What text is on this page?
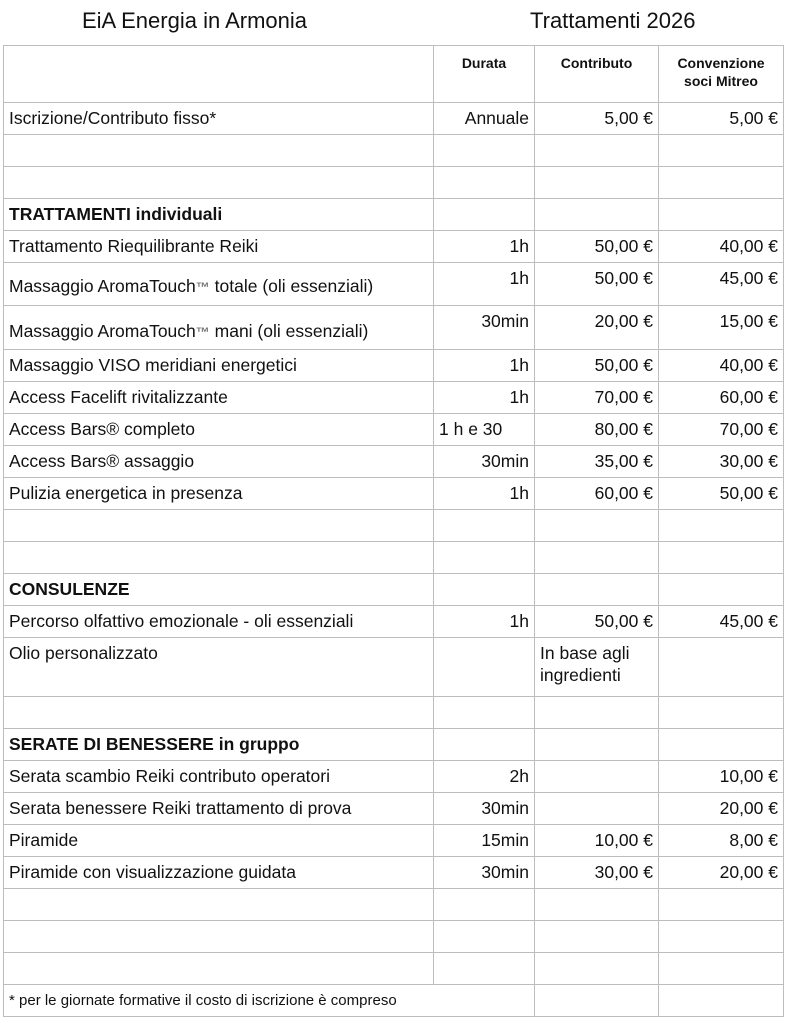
EiA Energia in Armonia	Trattamenti 2026
	Durata	Contributo	Convenzione soci Mitreo
Iscrizione/Contributo fisso*	Annuale	5,00 €	5,00 €

TRATTAMENTI individuali			
Trattamento Riequilibrante Reiki	1h	50,00 €	40,00 €
Massaggio AromaTouch™ totale (oli essenziali)	1h	50,00 €	45,00 €
Massaggio AromaTouch™ mani (oli essenziali)	30min	20,00 €	15,00 €
Massaggio VISO meridiani energetici	1h	50,00 €	40,00 €
Access Facelift rivitalizzante	1h	70,00 €	60,00 €
Access Bars® completo	1 h e 30	80,00 €	70,00 €
Access Bars® assaggio	30min	35,00 €	30,00 €
Pulizia energetica in presenza	1h	60,00 €	50,00 €

CONSULENZE			
Percorso olfattivo emozionale - oli essenziali	1h	50,00 €	45,00 €
Olio personalizzato		In base agli ingredienti	

SERATE DI BENESSERE in gruppo			
Serata scambio Reiki contributo operatori	2h		10,00 €
Serata benessere Reiki trattamento di prova	30min		20,00 €
Piramide	15min	10,00 €	8,00 €
Piramide con visualizzazione guidata	30min	30,00 €	20,00 €

* per le giornate formative il costo di iscrizione è compreso			
